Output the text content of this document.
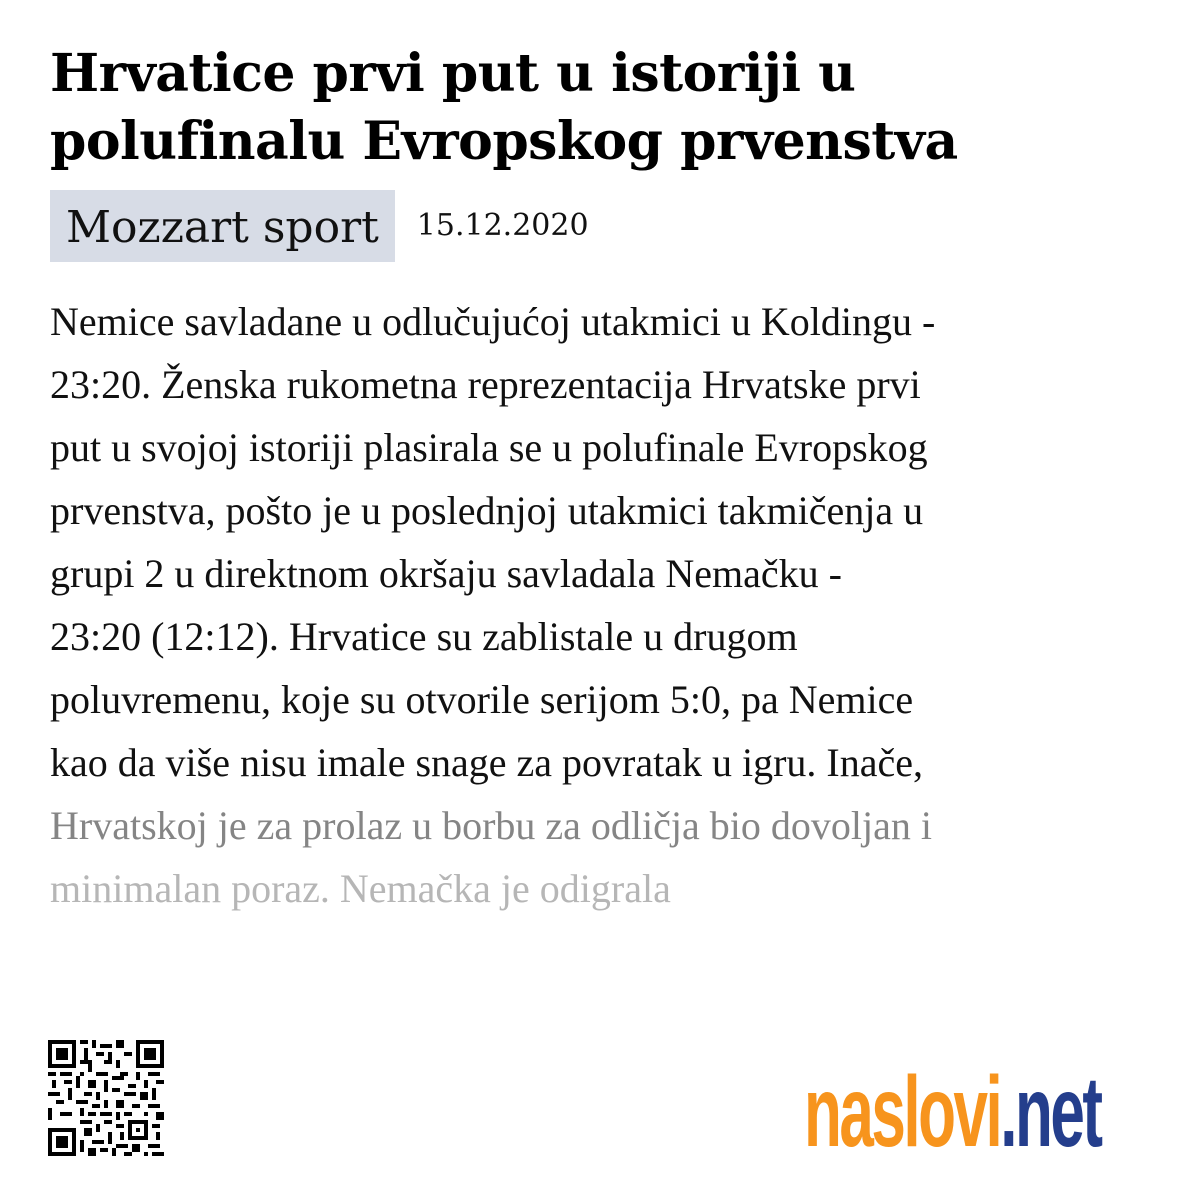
Hrvatice prvi put u istoriji u
polufinalu Evropskog prvenstva
Mozzart sport	15.12.2020
Nemice savladane u odlučujućoj utakmici u Koldingu -
23:20. Ženska rukometna reprezentacija Hrvatske prvi
put u svojoj istoriji plasirala se u polufinale Evropskog
prvenstva, pošto je u poslednjoj utakmici takmičenja u
grupi 2 u direktnom okršaju savladala Nemačku -
23:20 (12:12). Hrvatice su zablistale u drugom
poluvremenu, koje su otvorile serijom 5:0, pa Nemice
kao da više nisu imale snage za povratak u igru. Inače,
Hrvatskoj je za prolaz u borbu za odličja bio dovoljan i
minimalan poraz. Nemačka je odigrala
naslovi.net
